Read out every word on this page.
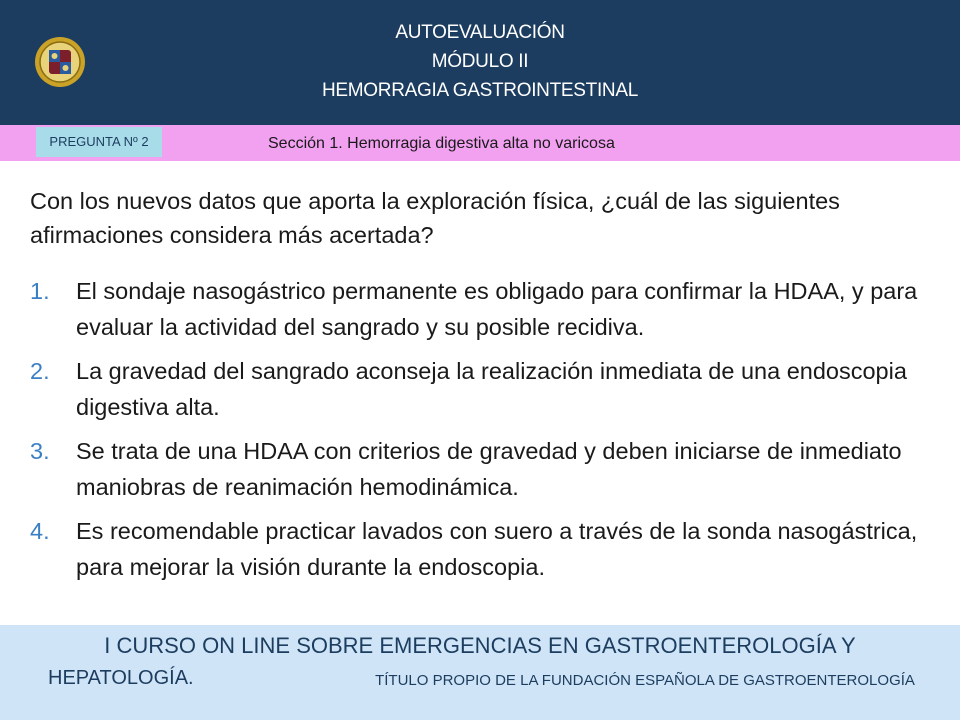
AUTOEVALUACIÓN
MÓDULO II
HEMORRAGIA GASTROINTESTINAL
PREGUNTA Nº 2	Sección 1. Hemorragia digestiva alta no varicosa
Con los nuevos datos que aporta la exploración física, ¿cuál de las siguientes afirmaciones considera más acertada?
1. El sondaje nasogástrico permanente es obligado para confirmar la HDAA, y para evaluar la actividad del sangrado y su posible recidiva.
2. La gravedad del sangrado aconseja la realización inmediata de una endoscopia digestiva alta.
3. Se trata de una HDAA con criterios de gravedad y deben iniciarse de inmediato maniobras de reanimación hemodinámica.
4. Es recomendable practicar lavados con suero a través de la sonda nasogástrica, para mejorar la visión durante la endoscopia.
I CURSO ON LINE SOBRE EMERGENCIAS EN GASTROENTEROLOGÍA Y
HEPATOLOGÍA.	TÍTULO PROPIO DE LA FUNDACIÓN ESPAÑOLA DE GASTROENTEROLOGÍA
